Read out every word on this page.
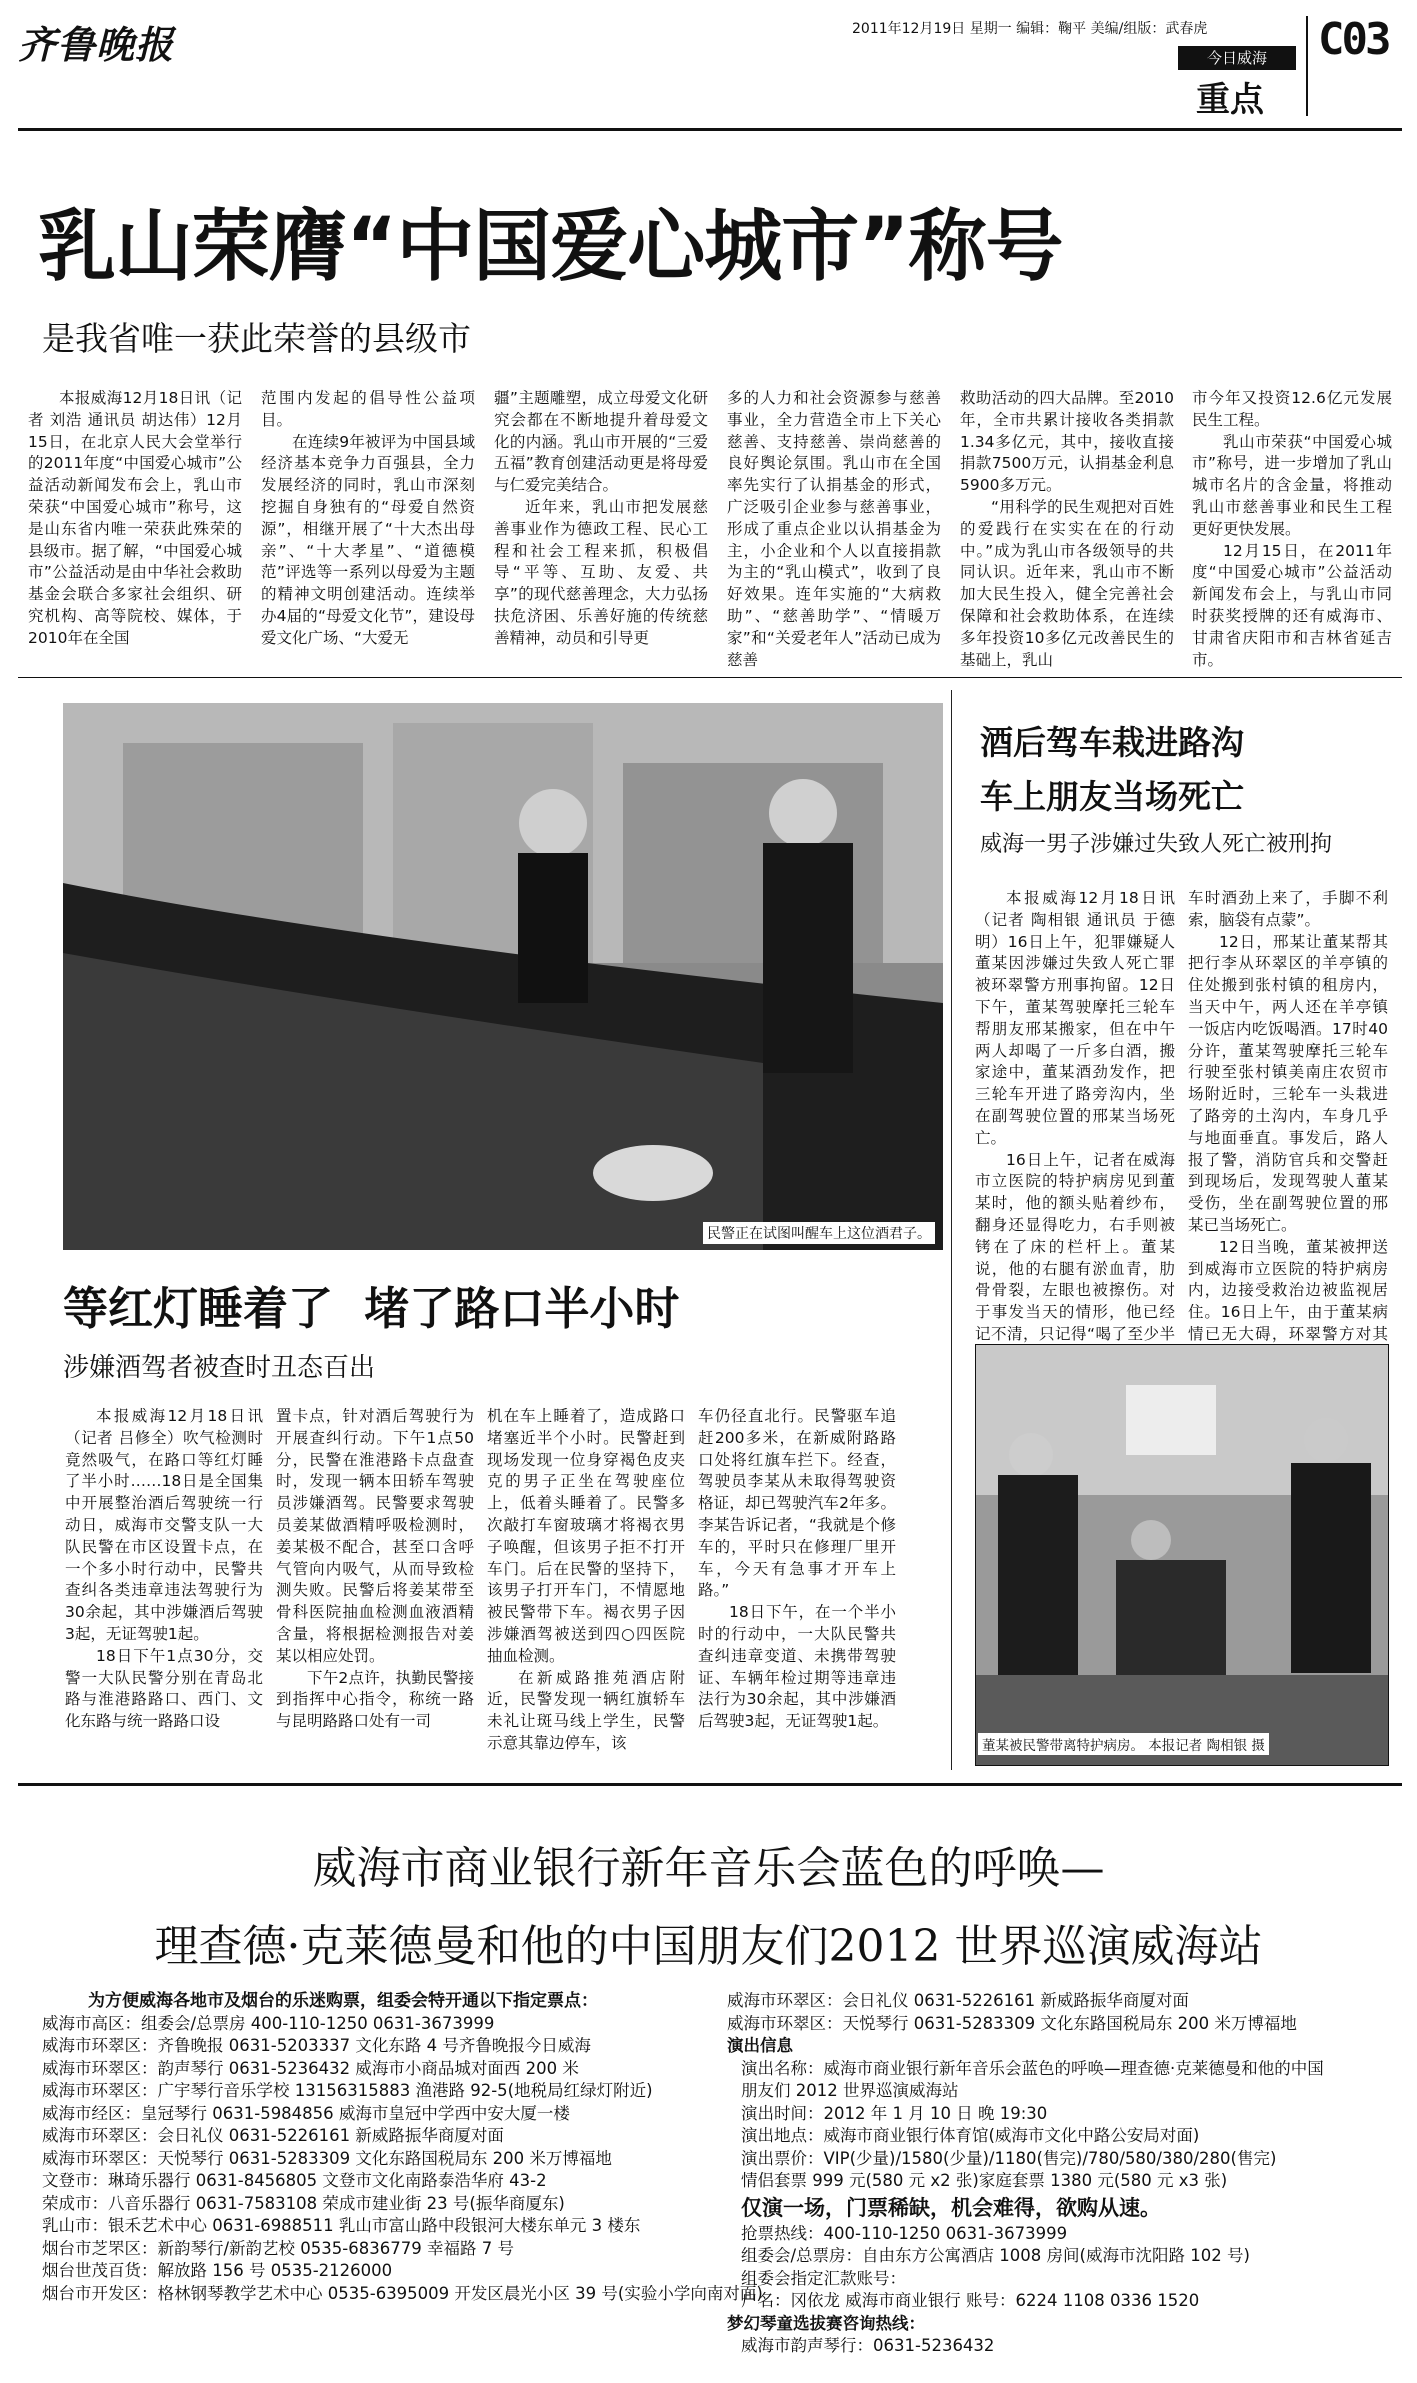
齐鲁晚报	2011年12月19日 星期一 编辑：鞠平 美编/组版：武春虎
今日威海
重点
C03
乳山荣膺“中国爱心城市”称号
是我省唯一获此荣誉的县级市

本报威海12月18日讯（记者 刘浩 通讯员 胡达伟）12月15日，在北京人民大会堂举行的2011年度“中国爱心城市”公益活动新闻发布会上，乳山市荣获“中国爱心城市”称号，这是山东省内唯一荣获此殊荣的县级市。据了解，“中国爱心城市”公益活动是由中华社会救助基金会联合多家社会组织、研究机构、高等院校、媒体，于2010年在全国

范围内发起的倡导性公益项目。

在连续9年被评为中国县域经济基本竞争力百强县，全力发展经济的同时，乳山市深刻挖掘自身独有的“母爱自然资源”，相继开展了“十大杰出母亲”、“十大孝星”、“道德模范”评选等一系列以母爱为主题的精神文明创建活动。连续举办4届的“母爱文化节”，建设母爱文化广场、“大爱无

疆”主题雕塑，成立母爱文化研究会都在不断地提升着母爱文化的内涵。乳山市开展的“三爱五福”教育创建活动更是将母爱与仁爱完美结合。

近年来，乳山市把发展慈善事业作为德政工程、民心工程和社会工程来抓，积极倡导“平等、互助、友爱、共享”的现代慈善理念，大力弘扬扶危济困、乐善好施的传统慈善精神，动员和引导更

多的人力和社会资源参与慈善事业，全力营造全市上下关心慈善、支持慈善、崇尚慈善的良好舆论氛围。乳山市在全国率先实行了认捐基金的形式，广泛吸引企业参与慈善事业，形成了重点企业以认捐基金为主，小企业和个人以直接捐款为主的“乳山模式”，收到了良好效果。连年实施的“大病救助”、“慈善助学”、“情暖万家”和“关爱老年人”活动已成为慈善

救助活动的四大品牌。至2010年，全市共累计接收各类捐款1.34多亿元，其中，接收直接捐款7500万元，认捐基金利息5900多万元。

“用科学的民生观把对百姓的爱践行在实实在在的行动中。”成为乳山市各级领导的共同认识。近年来，乳山市不断加大民生投入，健全完善社会保障和社会救助体系，在连续多年投资10多亿元改善民生的基础上，乳山

市今年又投资12.6亿元发展民生工程。

乳山市荣获“中国爱心城市”称号，进一步增加了乳山城市名片的含金量，将推动乳山市慈善事业和民生工程更好更快发展。

12月15日，在2011年度“中国爱心城市”公益活动新闻发布会上，与乳山市同时获奖授牌的还有威海市、甘肃省庆阳市和吉林省延吉市。

民警正在试图叫醒车上这位酒君子。
等红灯睡着了  堵了路口半小时
涉嫌酒驾者被查时丑态百出

本报威海12月18日讯（记者 吕修全）吹气检测时竟然吸气，在路口等红灯睡了半小时……18日是全国集中开展整治酒后驾驶统一行动日，威海市交警支队一大队民警在市区设置卡点，在一个多小时行动中，民警共查纠各类违章违法驾驶行为30余起，其中涉嫌酒后驾驶3起，无证驾驶1起。

18日下午1点30分，交警一大队民警分别在青岛北路与淮港路路口、西门、文化东路与统一路路口设

置卡点，针对酒后驾驶行为开展查纠行动。下午1点50分，民警在淮港路卡点盘查时，发现一辆本田轿车驾驶员涉嫌酒驾。民警要求驾驶员姜某做酒精呼吸检测时，姜某极不配合，甚至口含呼气管向内吸气，从而导致检测失败。民警后将姜某带至骨科医院抽血检测血液酒精含量，将根据检测报告对姜某以相应处罚。

下午2点许，执勤民警接到指挥中心指令，称统一路与昆明路路口处有一司

机在车上睡着了，造成路口堵塞近半个小时。民警赶到现场发现一位身穿褐色皮夹克的男子正坐在驾驶座位上，低着头睡着了。民警多次敲打车窗玻璃才将褐衣男子唤醒，但该男子拒不打开车门。后在民警的坚持下，该男子打开车门，不情愿地被民警带下车。褐衣男子因涉嫌酒驾被送到四○四医院抽血检测。

在新威路推苑酒店附近，民警发现一辆红旗轿车未礼让斑马线上学生，民警示意其靠边停车，该

车仍径直北行。民警驱车追赶200多米，在新威附路路口处将红旗车拦下。经查，驾驶员李某从未取得驾驶资格证，却已驾驶汽车2年多。李某告诉记者，“我就是个修车的，平时只在修理厂里开车，今天有急事才开车上路。”

18日下午，在一个半小时的行动中，一大队民警共查纠违章变道、未携带驾驶证、车辆年检过期等违章违法行为30余起，其中涉嫌酒后驾驶3起，无证驾驶1起。

酒后驾车栽进路沟
车上朋友当场死亡
威海一男子涉嫌过失致人死亡被刑拘

本报威海12月18日讯（记者 陶相银 通讯员 于德明）16日上午，犯罪嫌疑人董某因涉嫌过失致人死亡罪被环翠警方刑事拘留。12日下午，董某驾驶摩托三轮车帮朋友邢某搬家，但在中午两人却喝了一斤多白酒，搬家途中，董某酒劲发作，把三轮车开进了路旁沟内，坐在副驾驶位置的邢某当场死亡。

16日上午，记者在威海市立医院的特护病房见到董某时，他的额头贴着纱布，翻身还显得吃力，右手则被铐在了床的栏杆上。董某说，他的右腿有淤血青，肋骨骨裂，左眼也被擦伤。对于事发当天的情形，他已经记不清，只记得“喝了至少半

车时酒劲上来了，手脚不利索，脑袋有点蒙”。

12日，邢某让董某帮其把行李从环翠区的羊亭镇的住处搬到张村镇的租房内，当天中午，两人还在羊亭镇一饭店内吃饭喝酒。17时40分许，董某驾驶摩托三轮车行驶至张村镇美南庄农贸市场附近时，三轮车一头栽进了路旁的土沟内，车身几乎与地面垂直。事发后，路人报了警，消防官兵和交警赶到现场后，发现驾驶人董某受伤，坐在副驾驶位置的邢某已当场死亡。

12日当晚，董某被押送到威海市立医院的特护病房内，边接受救治边被监视居住。16日上午，由于董某病情已无大碍，环翠警方对其

董某被民警带离特护病房。 本报记者 陶相银 摄
威海市商业银行新年音乐会蓝色的呼唤—
理查德·克莱德曼和他的中国朋友们2012 世界巡演威海站
为方便威海各地市及烟台的乐迷购票，组委会特开通以下指定票点：
威海市高区：组委会/总票房 400-110-1250 0631-3673999
威海市环翠区：齐鲁晚报 0631-5203337 文化东路 4 号齐鲁晚报今日威海
威海市环翠区：韵声琴行 0631-5236432 威海市小商品城对面西 200 米
威海市环翠区：广宇琴行音乐学校 13156315883 渔港路 92-5(地税局红绿灯附近)
威海市经区：皇冠琴行 0631-5984856 威海市皇冠中学西中安大厦一楼
威海市环翠区：会日礼仪 0631-5226161 新威路振华商厦对面
威海市环翠区：天悦琴行 0631-5283309 文化东路国税局东 200 米万博福地
文登市：琳琦乐器行 0631-8456805 文登市文化南路泰浩华府 43-2
荣成市：八音乐器行 0631-7583108 荣成市建业街 23 号(振华商厦东)
乳山市：银禾艺术中心 0631-6988511 乳山市富山路中段银河大楼东单元 3 楼东
烟台市芝罘区：新韵琴行/新韵艺校 0535-6836779 幸福路 7 号
烟台世茂百货：解放路 156 号 0535-2126000
烟台市开发区：格林钢琴教学艺术中心 0535-6395009 开发区晨光小区 39 号(实验小学向南对面)
威海市环翠区：会日礼仪 0631-5226161 新威路振华商厦对面
威海市环翠区：天悦琴行 0631-5283309 文化东路国税局东 200 米万博福地
演出信息
演出名称：威海市商业银行新年音乐会蓝色的呼唤—理查德·克莱德曼和他的中国
朋友们 2012 世界巡演威海站
演出时间：2012 年 1 月 10 日 晚 19:30
演出地点：威海市商业银行体育馆(威海市文化中路公安局对面)
演出票价：VIP(少量)/1580(少量)/1180(售完)/780/580/380/280(售完)
情侣套票 999 元(580 元 x2 张)家庭套票 1380 元(580 元 x3 张)
仅演一场，门票稀缺，机会难得，欲购从速。
抢票热线：400-110-1250 0631-3673999
组委会/总票房：自由东方公寓酒店 1008 房间(威海市沈阳路 102 号)
组委会指定汇款账号：
户名：冈依龙 威海市商业银行 账号：6224 1108 0336 1520
梦幻琴童选拔赛咨询热线：
威海市韵声琴行：0631-5236432
